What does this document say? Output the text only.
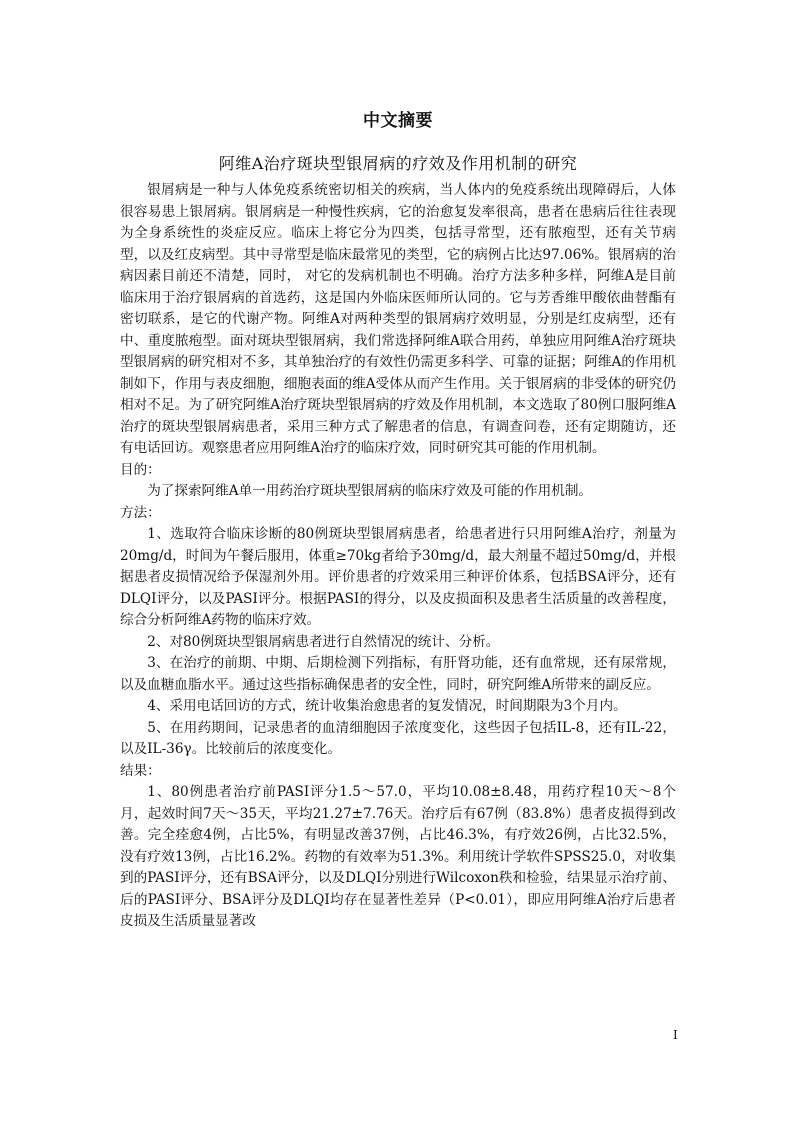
中文摘要
阿维A治疗斑块型银屑病的疗效及作用机制的研究

银屑病是一种与人体免疫系统密切相关的疾病，当人体内的免疫系统出现障碍后，人体很容易患上银屑病。银屑病是一种慢性疾病，它的治愈复发率很高，患者在患病后往往表现为全身系统性的炎症反应。临床上将它分为四类，包括寻常型，还有脓疱型，还有关节病型，以及红皮病型。其中寻常型是临床最常见的类型，它的病例占比达97.06%。银屑病的治病因素目前还不清楚，同时， 对它的发病机制也不明确。治疗方法多种多样，阿维A是目前临床用于治疗银屑病的首选药，这是国内外临床医师所认同的。它与芳香维甲酸依曲替酯有密切联系，是它的代谢产物。阿维A对两种类型的银屑病疗效明显，分别是红皮病型，还有中、重度脓疱型。面对斑块型银屑病，我们常选择阿维A联合用药，单独应用阿维A治疗斑块型银屑病的研究相对不多，其单独治疗的有效性仍需更多科学、可靠的证据；阿维A的作用机制如下，作用与表皮细胞，细胞表面的维A受体从而产生作用。关于银屑病的非受体的研究仍相对不足。为了研究阿维A治疗斑块型银屑病的疗效及作用机制，本文选取了80例口服阿维A治疗的斑块型银屑病患者，采用三种方式了解患者的信息，有调查问卷，还有定期随访，还有电话回访。观察患者应用阿维A治疗的临床疗效，同时研究其可能的作用机制。

目的：

为了探索阿维A单一用药治疗斑块型银屑病的临床疗效及可能的作用机制。

方法：

1、选取符合临床诊断的80例斑块型银屑病患者，给患者进行只用阿维A治疗，剂量为20mg/d，时间为午餐后服用，体重≥70kg者给予30mg/d，最大剂量不超过50mg/d，并根据患者皮损情况给予保湿剂外用。评价患者的疗效采用三种评价体系，包括BSA评分，还有DLQI评分，以及PASI评分。根据PASI的得分，以及皮损面积及患者生活质量的改善程度，综合分析阿维A药物的临床疗效。

2、对80例斑块型银屑病患者进行自然情况的统计、分析。

3、在治疗的前期、中期、后期检测下列指标，有肝肾功能，还有血常规，还有尿常规，以及血糖血脂水平。通过这些指标确保患者的安全性，同时，研究阿维A所带来的副反应。

4、采用电话回访的方式，统计收集治愈患者的复发情况，时间期限为3个月内。

5、在用药期间，记录患者的血清细胞因子浓度变化，这些因子包括IL-8，还有IL-22，以及IL-36γ。比较前后的浓度变化。

结果：

1、80例患者治疗前PASI评分1.5～57.0，平均10.08±8.48，用药疗程10天～8个月，起效时间7天～35天，平均21.27±7.76天。治疗后有67例（83.8%）患者皮损得到改善。完全痊愈4例，占比5%，有明显改善37例，占比46.3%，有疗效26例，占比32.5%，没有疗效13例，占比16.2%。药物的有效率为51.3%。利用统计学软件SPSS25.0，对收集到的PASI评分，还有BSA评分，以及DLQI分别进行Wilcoxon秩和检验，结果显示治疗前、后的PASI评分、BSA评分及DLQI均存在显著性差异（P<0.01），即应用阿维A治疗后患者皮损及生活质量显著改

I
